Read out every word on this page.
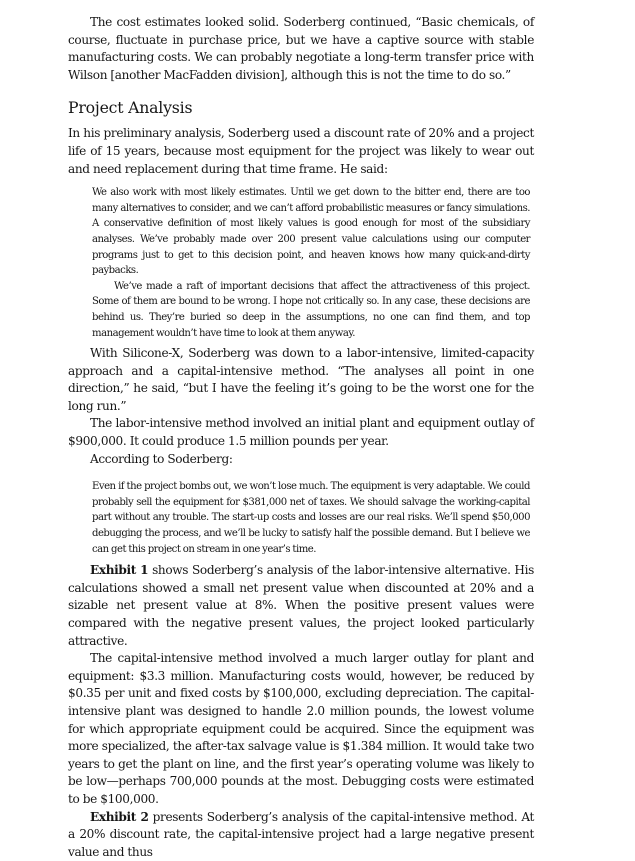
The cost estimates looked solid. Soderberg continued, “Basic chemicals, of course, fluctuate in purchase price, but we have a captive source with stable manufacturing costs. We can probably negotiate a long-term transfer price with Wilson [another MacFadden division], although this is not the time to do so.”

Project Analysis

In his preliminary analysis, Soderberg used a discount rate of 20% and a project life of 15 years, because most equipment for the project was likely to wear out and need replacement during that time frame. He said:

We also work with most likely estimates. Until we get down to the bitter end, there are too many alternatives to consider, and we can’t afford probabilistic measures or fancy simulations. A conservative definition of most likely values is good enough for most of the subsidiary analyses. We’ve probably made over 200 present value calculations using our computer programs just to get to this decision point, and heaven knows how many quick-and-dirty paybacks.

We’ve made a raft of important decisions that affect the attractiveness of this project. Some of them are bound to be wrong. I hope not critically so. In any case, these decisions are behind us. They’re buried so deep in the assumptions, no one can find them, and top management wouldn’t have time to look at them anyway.

With Silicone-X, Soderberg was down to a labor-intensive, limited-capacity approach and a capital-intensive method. “The analyses all point in one direction,” he said, “but I have the feeling it’s going to be the worst one for the long run.”

The labor-intensive method involved an initial plant and equipment outlay of $900,000. It could produce 1.5 million pounds per year.

According to Soderberg:

Even if the project bombs out, we won’t lose much. The equipment is very adaptable. We could probably sell the equipment for $381,000 net of taxes. We should salvage the working-capital part without any trouble. The start-up costs and losses are our real risks. We’ll spend $50,000 debugging the process, and we’ll be lucky to satisfy half the possible demand. But I believe we can get this project on stream in one year’s time.

Exhibit 1 shows Soderberg’s analysis of the labor-intensive alternative. His calculations showed a small net present value when discounted at 20% and a sizable net present value at 8%. When the positive present values were compared with the negative present values, the project looked particularly attractive.

The capital-intensive method involved a much larger outlay for plant and equipment: $3.3 million. Manufacturing costs would, however, be reduced by $0.35 per unit and fixed costs by $100,000, excluding depreciation. The capital-intensive plant was designed to handle 2.0 million pounds, the lowest volume for which appropriate equipment could be acquired. Since the equipment was more specialized, the after-tax salvage value is $1.384 million. It would take two years to get the plant on line, and the first year’s operating volume was likely to be low—perhaps 700,000 pounds at the most. Debugging costs were estimated to be $100,000.

Exhibit 2 presents Soderberg’s analysis of the capital-intensive method. At a 20% discount rate, the capital-intensive project had a large negative present value and thus
